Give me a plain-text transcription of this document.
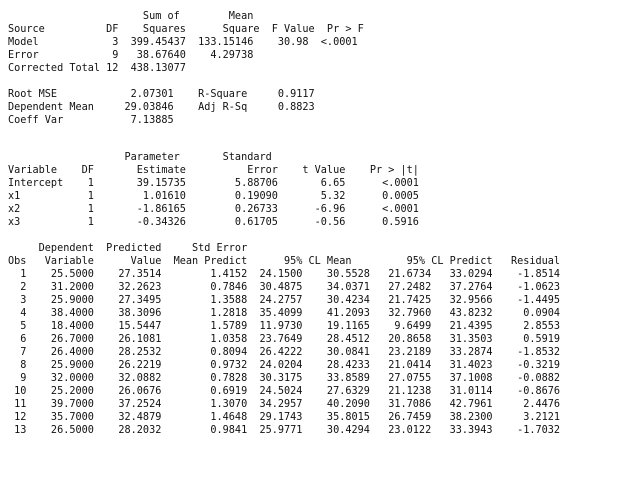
Sum of        Mean
Source          DF    Squares      Square  F Value  Pr > F
Model            3  399.45437  133.15146    30.98  <.0001
Error            9   38.67640    4.29738
Corrected Total 12  438.13077
Root MSE            2.07301    R-Square     0.9117
Dependent Mean     29.03846    Adj R-Sq     0.8823
Coeff Var           7.13885
Parameter       Standard
Variable    DF       Estimate          Error    t Value    Pr > |t|
Intercept    1       39.15735        5.88706       6.65      <.0001
x1           1        1.01610        0.19090       5.32      0.0005
x2           1       -1.86165        0.26733      -6.96      <.0001
x3           1       -0.34326        0.61705      -0.56      0.5916
Dependent  Predicted     Std Error
Obs   Variable      Value  Mean Predict      95% CL Mean         95% CL Predict   Residual
1    25.5000    27.3514        1.4152  24.1500    30.5528   21.6734   33.0294    -1.8514
2    31.2000    32.2623        0.7846  30.4875    34.0371   27.2482   37.2764    -1.0623
3    25.9000    27.3495        1.3588  24.2757    30.4234   21.7425   32.9566    -1.4495
4    38.4000    38.3096        1.2818  35.4099    41.2093   32.7960   43.8232     0.0904
5    18.4000    15.5447        1.5789  11.9730    19.1165    9.6499   21.4395     2.8553
6    26.7000    26.1081        1.0358  23.7649    28.4512   20.8658   31.3503     0.5919
7    26.4000    28.2532        0.8094  26.4222    30.0841   23.2189   33.2874    -1.8532
8    25.9000    26.2219        0.9732  24.0204    28.4233   21.0414   31.4023    -0.3219
9    32.0000    32.0882        0.7828  30.3175    33.8589   27.0755   37.1008    -0.0882
10    25.2000    26.0676        0.6919  24.5024    27.6329   21.1238   31.0114    -0.8676
11    39.7000    37.2524        1.3070  34.2957    40.2090   31.7086   42.7961     2.4476
12    35.7000    32.4879        1.4648  29.1743    35.8015   26.7459   38.2300     3.2121
13    26.5000    28.2032        0.9841  25.9771    30.4294   23.0122   33.3943    -1.7032
